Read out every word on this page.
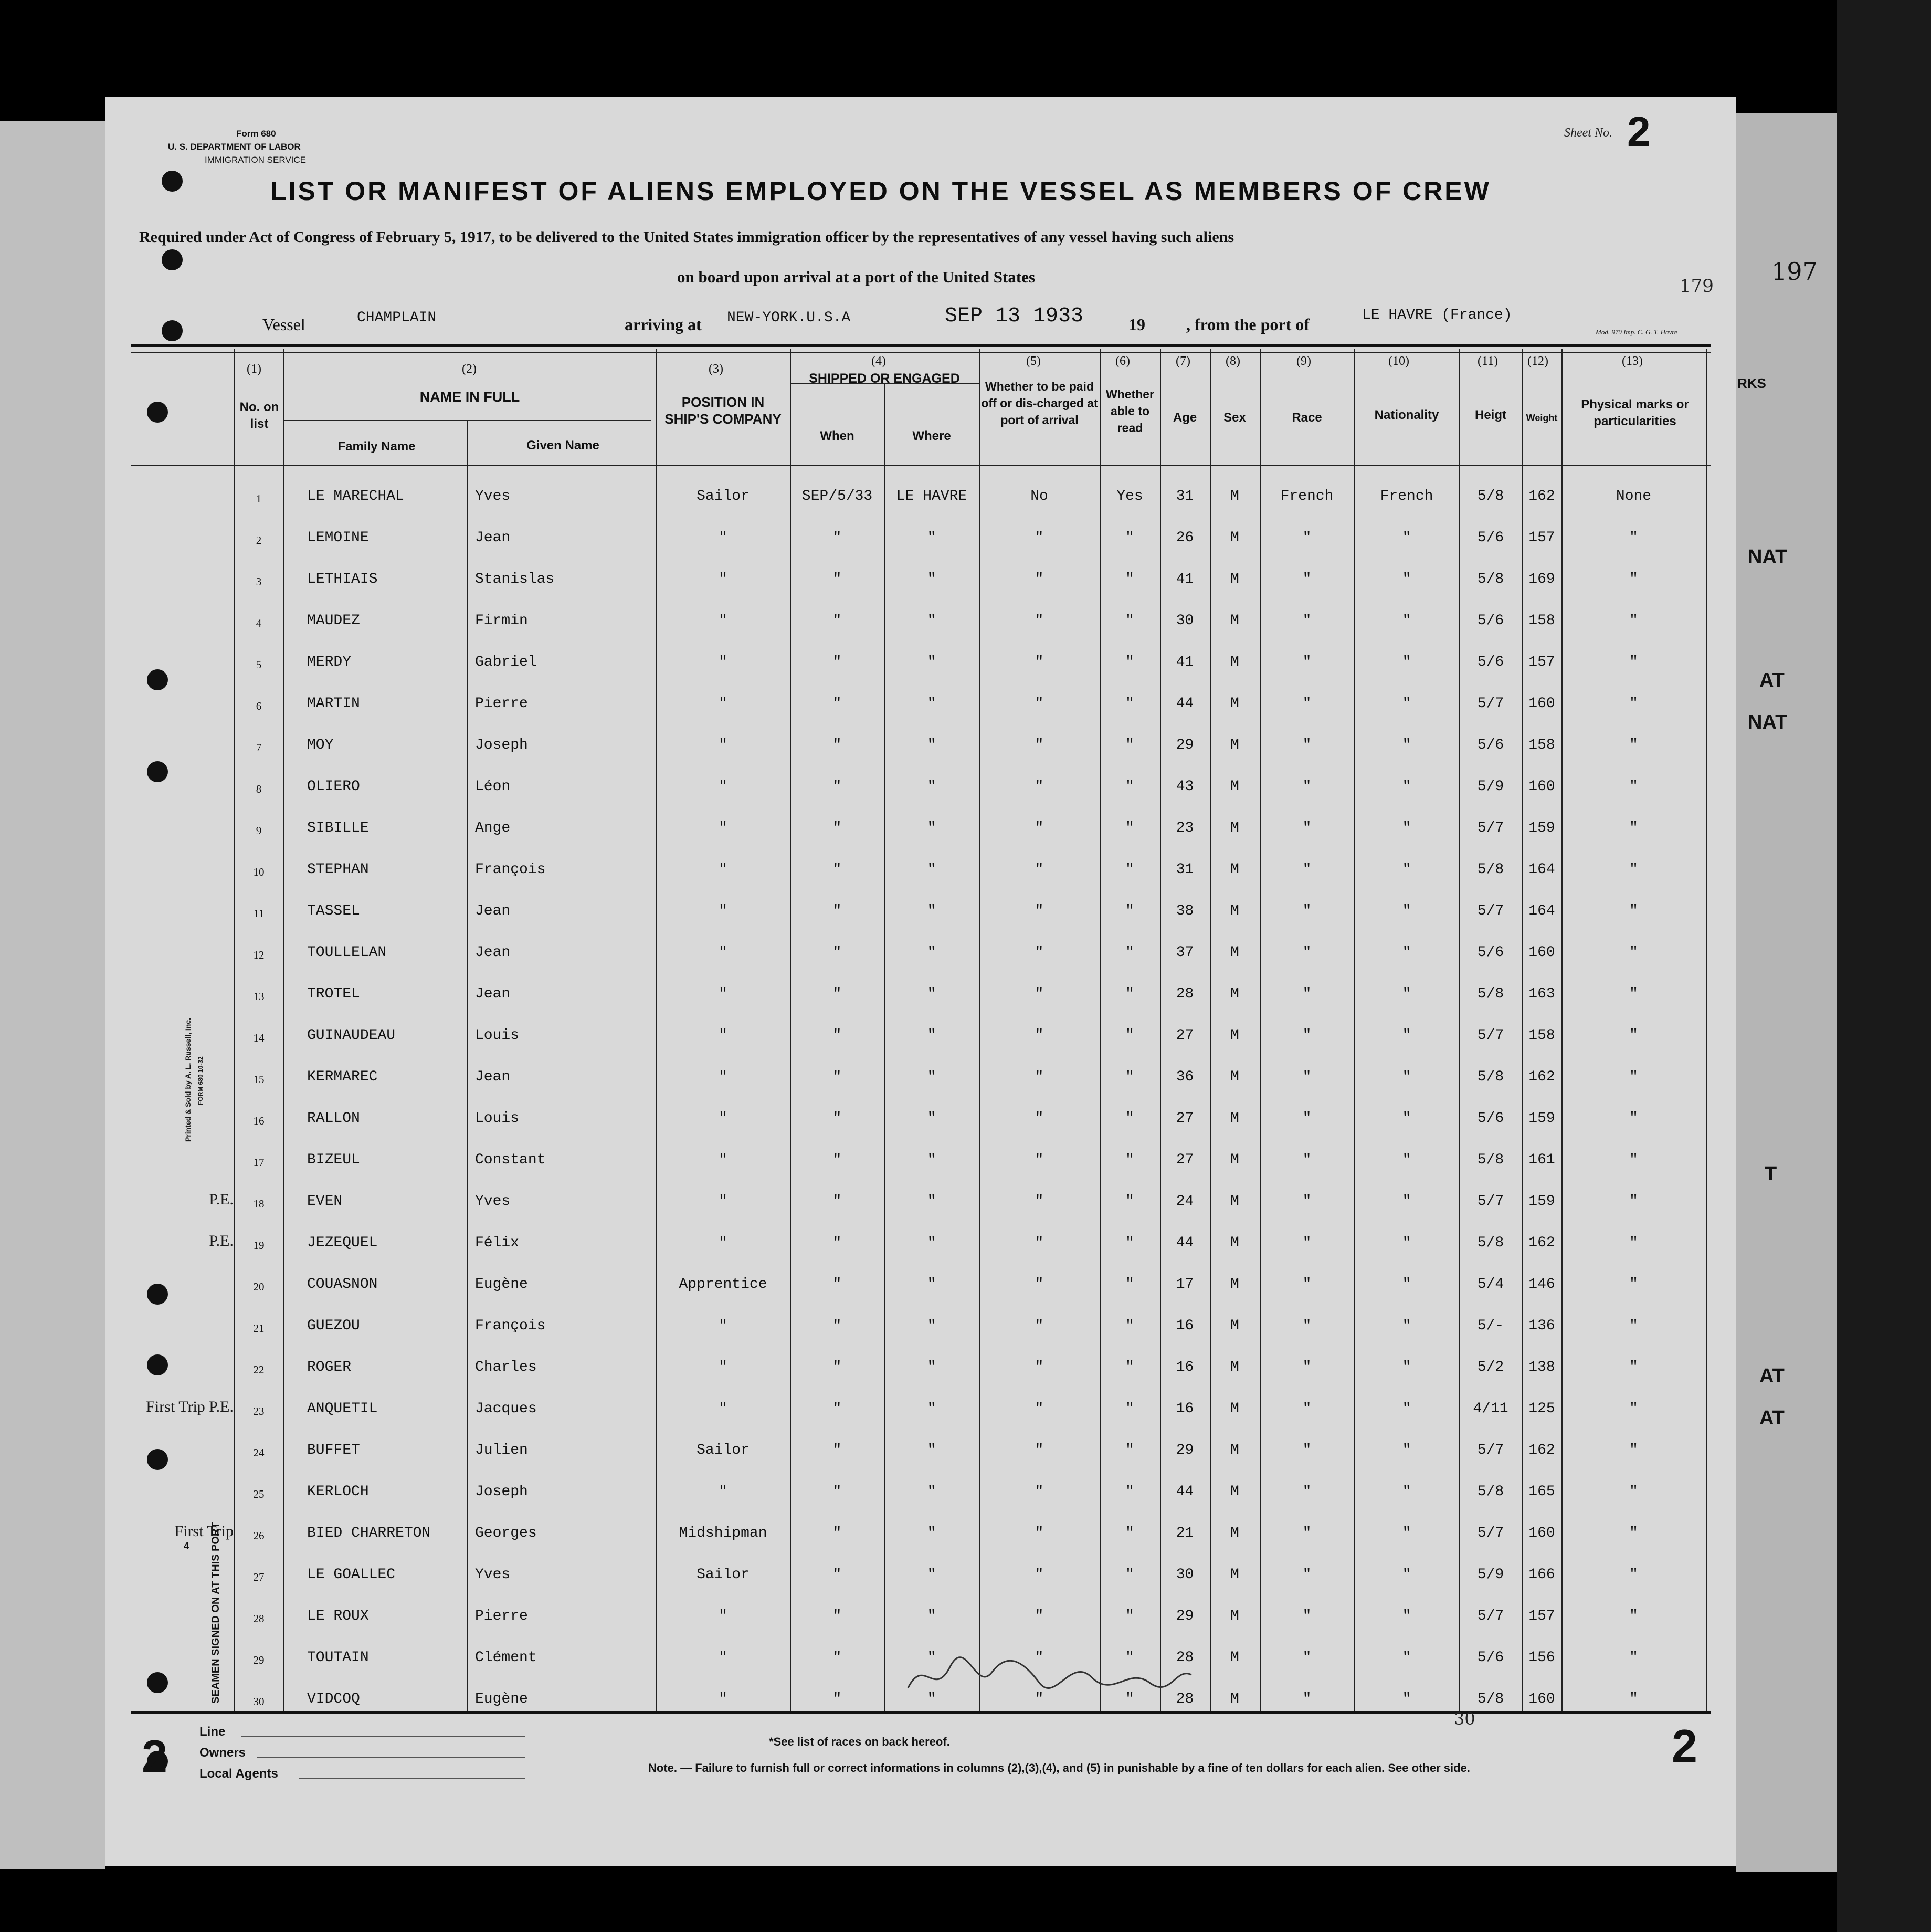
Form 680
U. S. DEPARTMENT OF LABOR
IMMIGRATION SERVICE
Sheet No. 2
LIST OR MANIFEST OF ALIENS EMPLOYED ON THE VESSEL AS MEMBERS OF CREW
Required under Act of Congress of February 5, 1917, to be delivered to the United States immigration officer by the representatives of any vessel having such aliens
on board upon arrival at a port of the United States	179
Vessel	CHAMPLAIN	arriving at NEW-YORK.U.S.A	SEP 13 1933	19 , from the port of	LE HAVRE (France)
Mod. 970 Imp. C. G. T. Havre
(1)
No. on list
(2)
NAME IN FULL
Family Name	Given Name
(3)
POSITION IN SHIP'S COMPANY
(4)
SHIPPED OR ENGAGED
When	Where
(5)
Whether to be paid off or dis-charged at port of arrival
(6)
Whether able to read
(7)
Age
(8)
Sex
(9)
Race
(10)
Nationality
(11)
Heigt
(12)
Weight
(13)
Physical marks or particularities
1	LE MARECHAL	Yves	Sailor	SEP/5/33	LE HAVRE	No	Yes	31	M	French	French	5/8	162	None
2	LEMOINE	Jean	"	"	"	"	"	26	M	"	"	5/6	157	"
3	LETHIAIS	Stanislas	"	"	"	"	"	41	M	"	"	5/8	169	"
4	MAUDEZ	Firmin	"	"	"	"	"	30	M	"	"	5/6	158	"
5	MERDY	Gabriel	"	"	"	"	"	41	M	"	"	5/6	157	"
6	MARTIN	Pierre	"	"	"	"	"	44	M	"	"	5/7	160	"
7	MOY	Joseph	"	"	"	"	"	29	M	"	"	5/6	158	"
8	OLIERO	Léon	"	"	"	"	"	43	M	"	"	5/9	160	"
9	SIBILLE	Ange	"	"	"	"	"	23	M	"	"	5/7	159	"
10	STEPHAN	François	"	"	"	"	"	31	M	"	"	5/8	164	"
11	TASSEL	Jean	"	"	"	"	"	38	M	"	"	5/7	164	"
12	TOULLELAN	Jean	"	"	"	"	"	37	M	"	"	5/6	160	"
13	TROTEL	Jean	"	"	"	"	"	28	M	"	"	5/8	163	"
14	GUINAUDEAU	Louis	"	"	"	"	"	27	M	"	"	5/7	158	"
15	KERMAREC	Jean	"	"	"	"	"	36	M	"	"	5/8	162	"
16	RALLON	Louis	"	"	"	"	"	27	M	"	"	5/6	159	"
17	BIZEUL	Constant	"	"	"	"	"	27	M	"	"	5/8	161	"
18	EVEN	Yves	"	"	"	"	"	24	M	"	"	5/7	159	"
P.E.
19	JEZEQUEL	Félix	"	"	"	"	"	44	M	"	"	5/8	162	"
P.E.
20	COUASNON	Eugène	Apprentice	"	"	"	"	17	M	"	"	5/4	146	"
21	GUEZOU	François	"	"	"	"	"	16	M	"	"	5/-	136	"
22	ROGER	Charles	"	"	"	"	"	16	M	"	"	5/2	138	"
23	ANQUETIL	Jacques	"	"	"	"	"	16	M	"	"	4/11	125	"
First Trip P.E.
24	BUFFET	Julien	Sailor	"	"	"	"	29	M	"	"	5/7	162	"
25	KERLOCH	Joseph	"	"	"	"	"	44	M	"	"	5/8	165	"
26	BIED CHARRETON	Georges	Midshipman	"	"	"	"	21	M	"	"	5/7	160	"
First Trip
27	LE GOALLEC	Yves	Sailor	"	"	"	"	30	M	"	"	5/9	166	"
28	LE ROUX	Pierre	"	"	"	"	"	29	M	"	"	5/7	157	"
29	TOUTAIN	Clément	"	"	"	"	"	28	M	"	"	5/6	156	"
30	VIDCOQ	Eugène	"	"	"	"	"	28	M	"	"	5/8	160	"
Printed & Sold by A. L. Russell, Inc. FORM 680 10-32
SEAMEN SIGNED ON AT THIS PORT
4
2	2
Line
Owners
Local Agents
*See list of races on back hereof.
Note. — Failure to furnish full or correct informations in columns (2),(3),(4), and (5) in punishable by a fine of ten dollars for each alien. See other side.
30
197
RKS
NAT
AT
NAT
T
AT
AT
